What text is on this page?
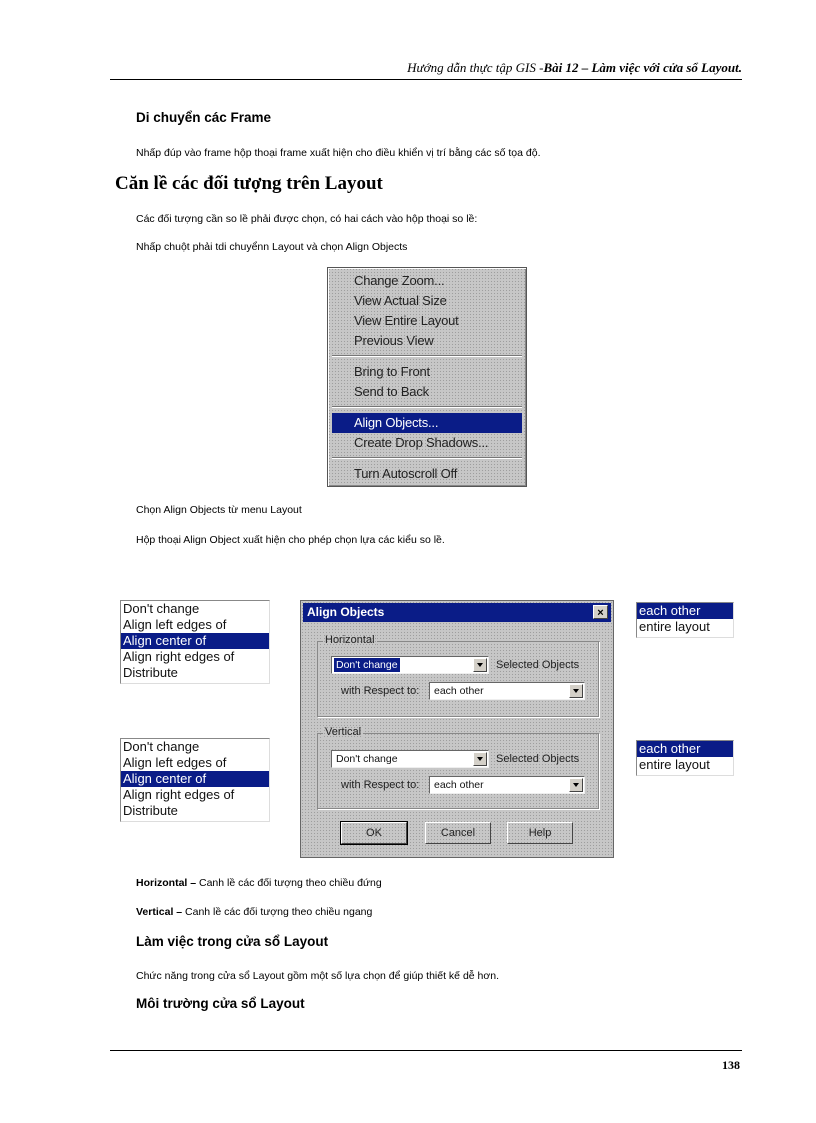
Hướng dẫn thực tập GIS -Bài 12 – Làm việc với cửa sổ Layout.
Di chuyển các Frame
Nhấp đúp vào frame hộp thoại frame xuất hiện cho điều khiển vị trí bằng các số tọa độ.
Căn lề các đối tượng trên Layout
Các đối tượng cần so lề phải được chọn, có hai cách vào hộp thoại so lề:
Nhấp chuột phải tdi chuyểnn Layout và chọn Align Objects
Change Zoom...
View Actual Size
View Entire Layout
Previous View
Bring to Front
Send to Back
Align Objects...
Create Drop Shadows...
Turn Autoscroll Off
Chọn Align Objects từ menu Layout
Hộp thoại Align Object xuất hiện cho phép chọn lựa các kiểu so lề.
Don't change
Align left edges of
Align center of
Align right edges of
Distribute
Don't change
Align left edges of
Align center of
Align right edges of
Distribute
each other
entire layout
each other
entire layout
Align Objects	×
Horizontal
Don't change	Selected Objects
with Respect to: each other
Vertical
Don't change	Selected Objects
with Respect to: each other
OK	Cancel	Help
Horizontal – Canh lề các đối tượng theo chiều đứng
Vertical – Canh lề các đối tượng theo chiều ngang
Làm việc trong cửa sổ Layout
Chức năng trong cửa sổ Layout gồm một số lựa chọn để giúp thiết kế dễ hơn.
Môi trường cửa sổ Layout
138
